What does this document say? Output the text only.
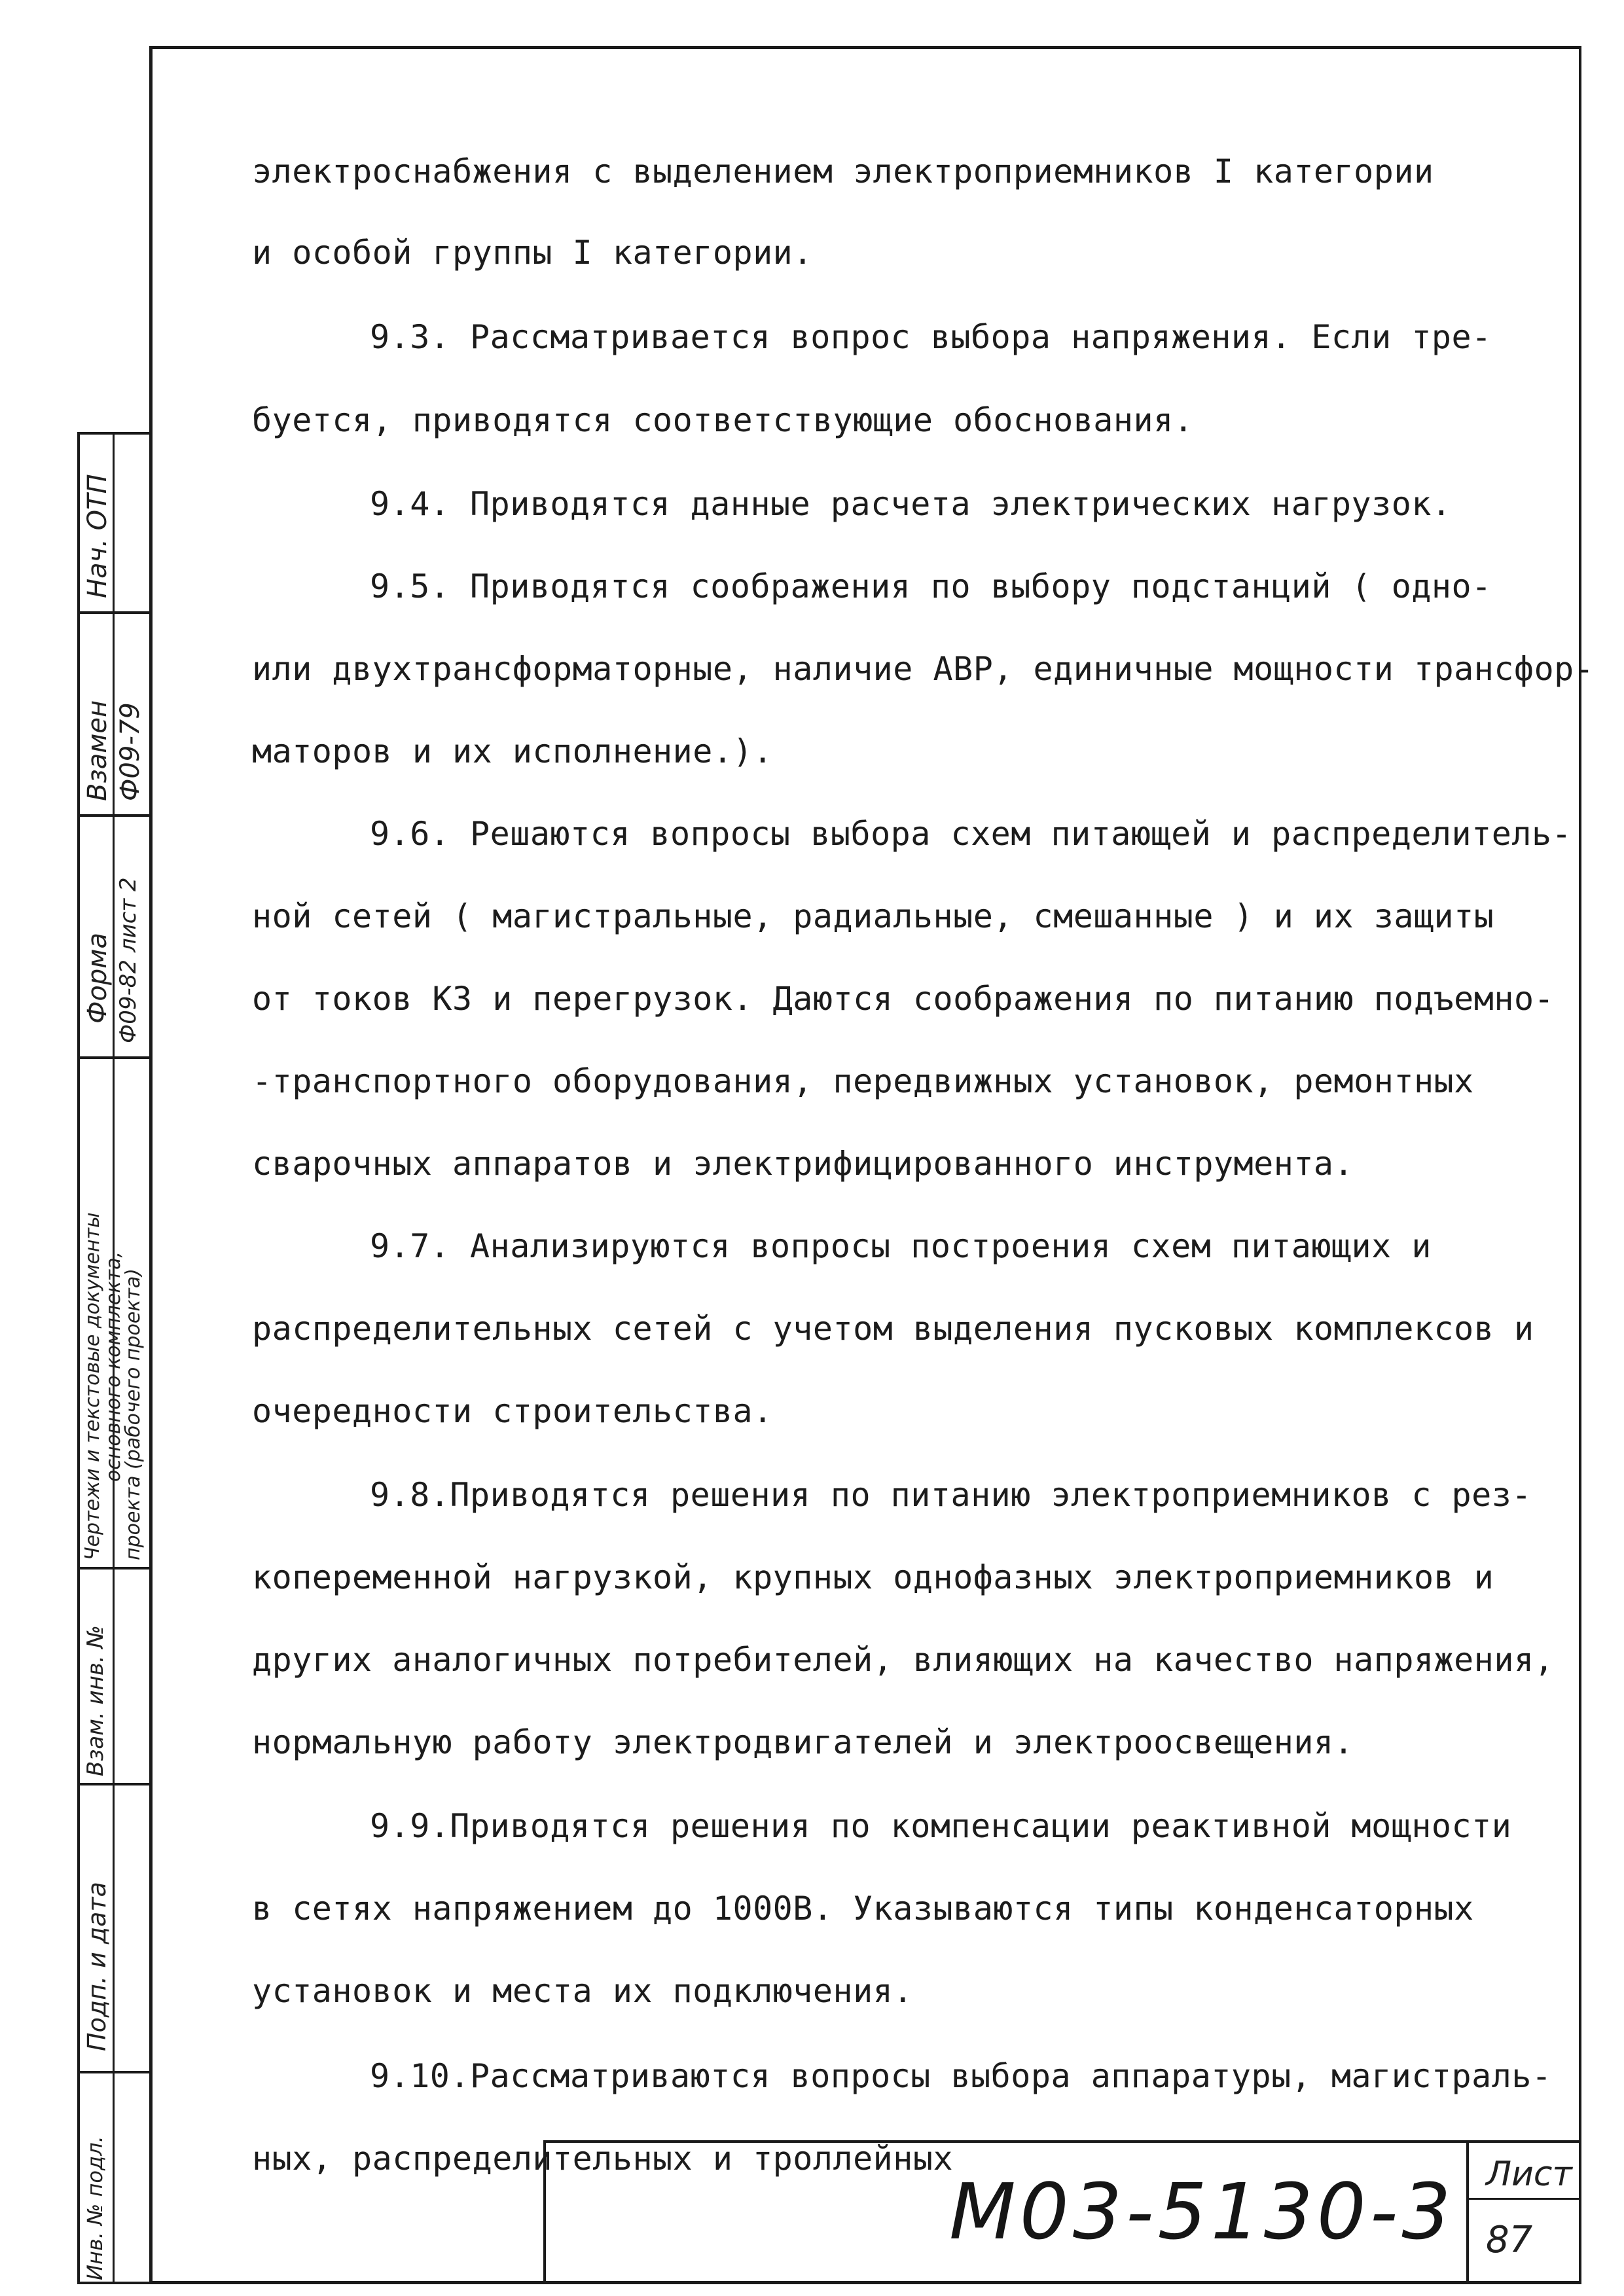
электроснабжения с выделением электроприемников I категории
и особой группы I категории.
9.3. Рассматривается вопрос выбора напряжения. Если тре-
буется, приводятся соответствующие обоснования.
9.4. Приводятся данные расчета электрических нагрузок.
9.5. Приводятся соображения по выбору подстанций ( одно-
или двухтрансформаторные, наличие АВР, единичные мощности трансфор-
маторов и их исполнение.).
9.6. Решаются вопросы выбора схем питающей и распределитель-
ной сетей ( магистральные, радиальные, смешанные ) и их защиты
от токов КЗ и перегрузок. Даются соображения по питанию подъемно-
-транспортного оборудования, передвижных установок, ремонтных
сварочных аппаратов и электрифицированного инструмента.
9.7. Анализируются вопросы построения схем питающих и
распределительных сетей с учетом выделения пусковых комплексов и
очередности строительства.
9.8.Приводятся решения по питанию электроприемников с рез-
копеременной нагрузкой, крупных однофазных электроприемников и
других аналогичных потребителей, влияющих на качество напряжения,
нормальную работу электродвигателей и электроосвещения.
9.9.Приводятся решения по компенсации реактивной мощности
в сетях напряжением до 1000В. Указываются типы конденсаторных
установок и места их подключения.
9.10.Рассматриваются вопросы выбора аппаратуры, магистраль-
ных, распределительных и троллейных
Нач. ОТП
Взамен Ф09-79
Форма Ф09-82 лист 2
Чертежи и текстовые документы
основного комплекта,
проекта (рабочего проекта)
Взам. инв. №
Подп. и дата
Инв. № подл.	М03-5130-3 Лист
87
